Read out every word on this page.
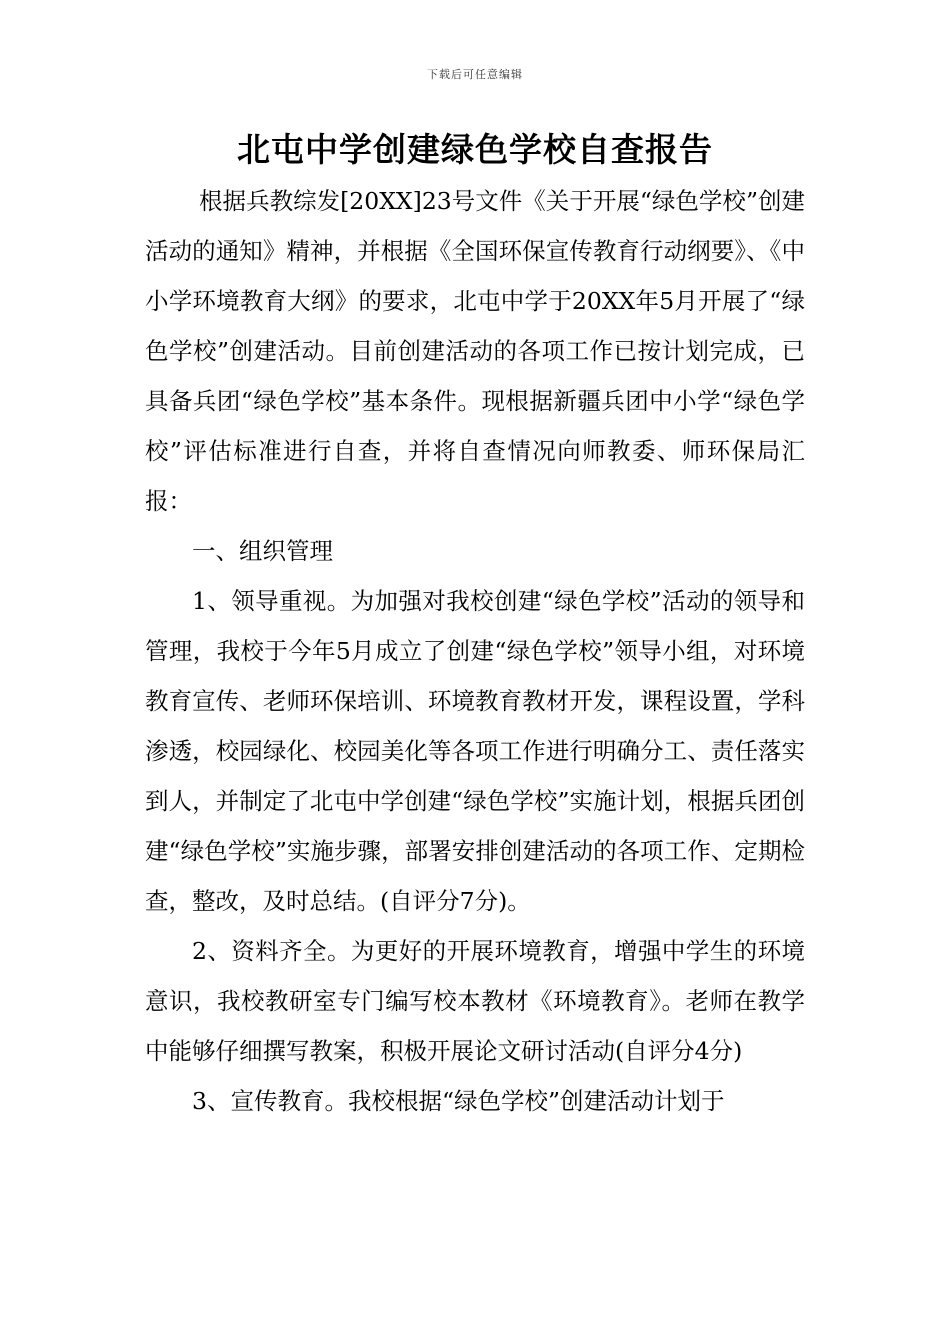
下载后可任意编辑
北屯中学创建绿色学校自查报告

根据兵教综发[20XX]23号文件《关于开展“绿色学校”创建活动的通知》精神，并根据《全国环保宣传教育行动纲要》、《中小学环境教育大纲》的要求，北屯中学于20XX年5月开展了“绿色学校”创建活动。目前创建活动的各项工作已按计划完成，已具备兵团“绿色学校”基本条件。现根据新疆兵团中小学“绿色学校”评估标准进行自查，并将自查情况向师教委、师环保局汇报：

一、组织管理

1、领导重视。为加强对我校创建“绿色学校”活动的领导和管理，我校于今年5月成立了创建“绿色学校”领导小组，对环境教育宣传、老师环保培训、环境教育教材开发，课程设置，学科渗透，校园绿化、校园美化等各项工作进行明确分工、责任落实到人，并制定了北屯中学创建“绿色学校”实施计划，根据兵团创建“绿色学校”实施步骤，部署安排创建活动的各项工作、定期检查，整改，及时总结。(自评分7分)。

2、资料齐全。为更好的开展环境教育，增强中学生的环境意识，我校教研室专门编写校本教材《环境教育》。老师在教学中能够仔细撰写教案，积极开展论文研讨活动(自评分4分)

3、宣传教育。我校根据“绿色学校”创建活动计划于
